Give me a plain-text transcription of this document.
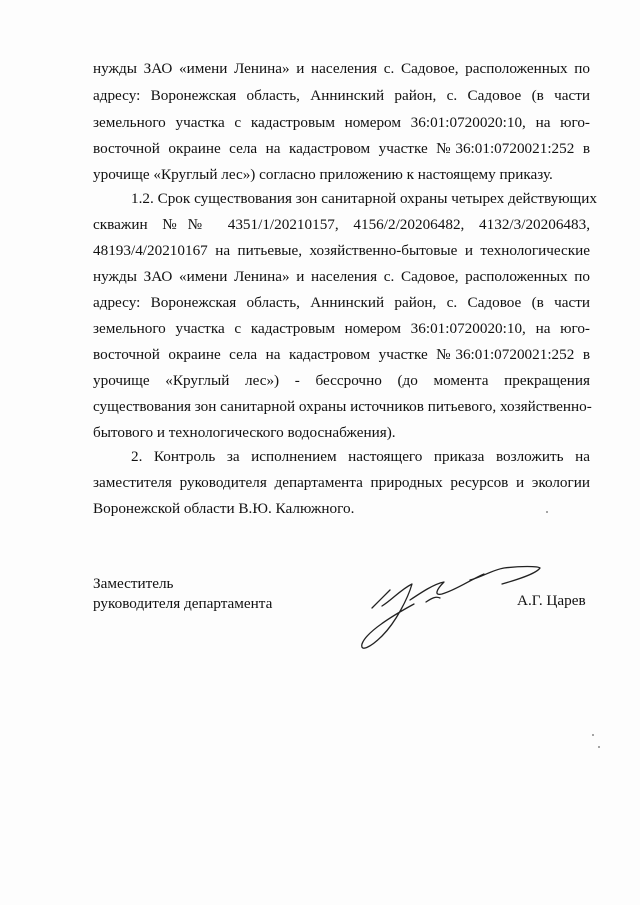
нужды ЗАО «имени Ленина» и населения с. Садовое, расположенных по
адресу: Воронежская область, Аннинский район, с. Садовое (в части
земельного участка с кадастровым номером 36:01:0720020:10, на юго-
восточной окраине села на кадастровом участке №36:01:0720021:252 в
урочище «Круглый лес») согласно приложению к настоящему приказу.
1.2. Срок существования зон санитарной охраны четырех действующих
скважин №№ 4351/1/20210157, 4156/2/20206482, 4132/3/20206483,
48193/4/20210167 на питьевые, хозяйственно-бытовые и технологические
нужды ЗАО «имени Ленина» и населения с. Садовое, расположенных по
адресу: Воронежская область, Аннинский район, с. Садовое (в части
земельного участка с кадастровым номером 36:01:0720020:10, на юго-
восточной окраине села на кадастровом участке №36:01:0720021:252 в
урочище «Круглый лес») - бессрочно (до момента прекращения
существования зон санитарной охраны источников питьевого, хозяйственно-
бытового и технологического водоснабжения).
2. Контроль за исполнением настоящего приказа возложить на
заместителя руководителя департамента природных ресурсов и экологии
Воронежской области В.Ю. Калюжного.
Заместитель
руководителя департамента	А.Г. Царев
